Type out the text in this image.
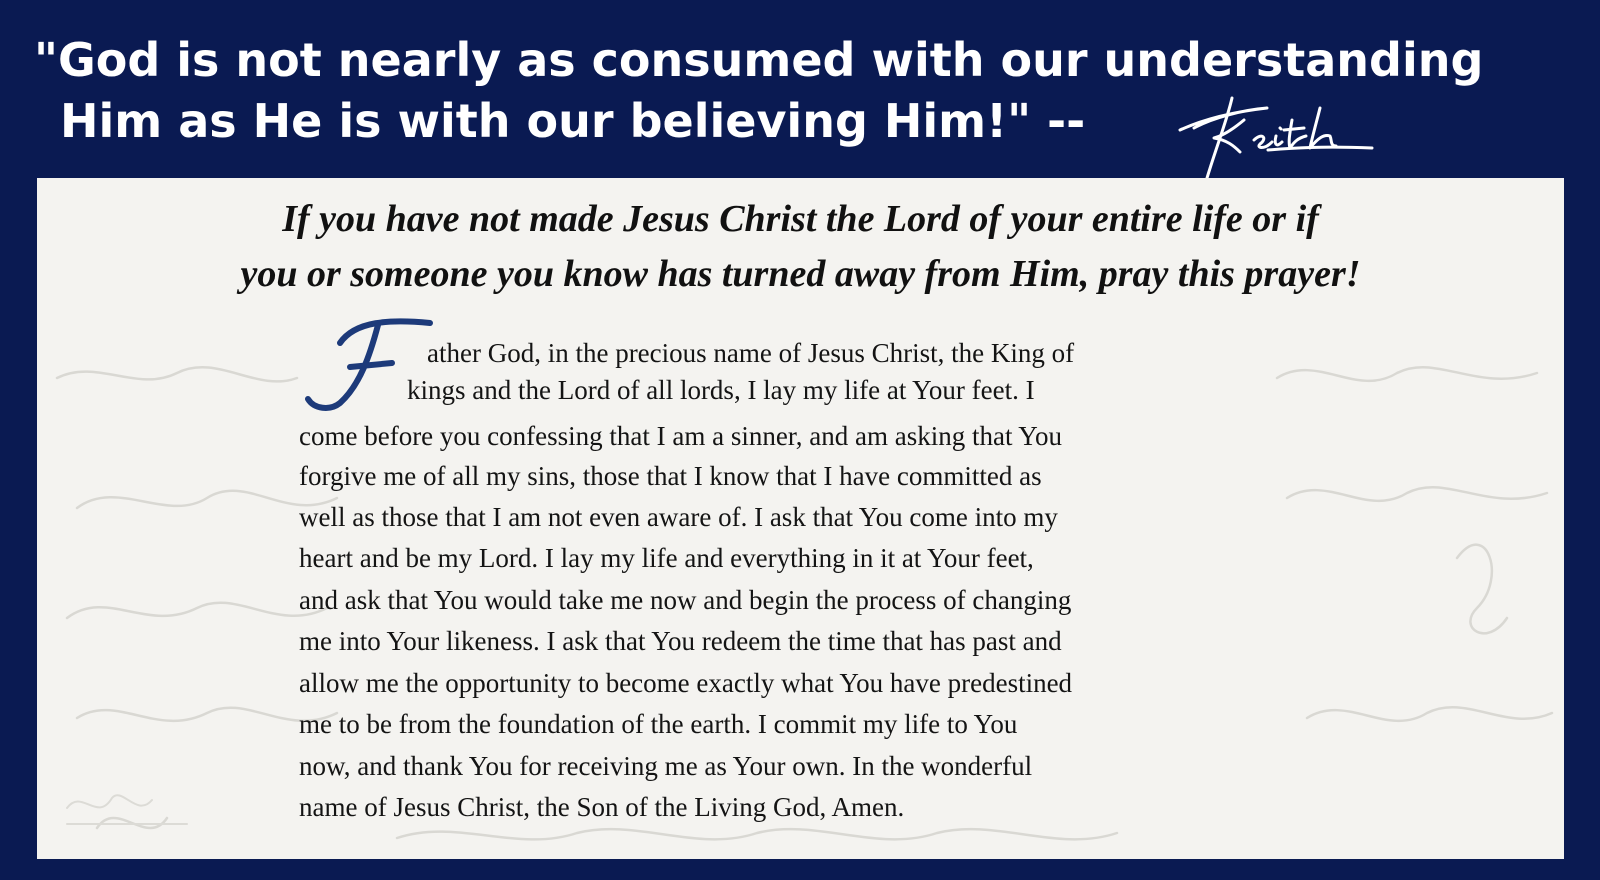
"God is not nearly as consumed with our understanding
Him as He is with our believing Him!" --
If you have not made Jesus Christ the Lord of your entire life or if
you or someone you know has turned away from Him, pray this prayer!
ather God, in the precious name of Jesus Christ, the King of
kings and the Lord of all lords, I lay my life at Your feet. I
come before you confessing that I am a sinner, and am asking that You
forgive me of all my sins, those that I know that I have committed as
well as those that I am not even aware of. I ask that You come into my
heart and be my Lord. I lay my life and everything in it at Your feet,
and ask that You would take me now and begin the process of changing
me into Your likeness. I ask that You redeem the time that has past and
allow me the opportunity to become exactly what You have predestined
me to be from the foundation of the earth. I commit my life to You
now, and thank You for receiving me as Your own. In the wonderful
name of Jesus Christ, the Son of the Living God, Amen.
